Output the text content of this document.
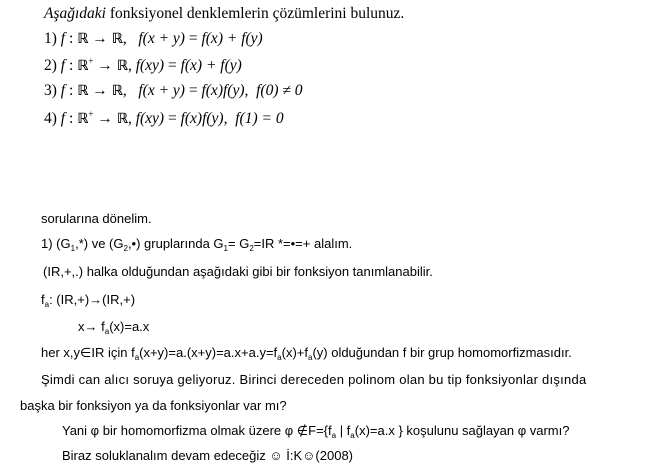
Aşağıdaki fonksiyonel denklemlerin çözümlerini bulunuz.
1) f : ℝ → ℝ,   f(x + y) = f(x) + f(y)
2) f : ℝ+ → ℝ, f(xy) = f(x) + f(y)
3) f : ℝ → ℝ,   f(x + y) = f(x)f(y), f(0) ≠ 0
4) f : ℝ+ → ℝ, f(xy) = f(x)f(y), f(1) = 0
sorularına dönelim.
1) $(G_1,*)$ ve $(G_2,•)$ gruplarında $G_1= G_2=IR$ *=•=+ alalım.
(IR,+,.) halka olduğundan aşağıdaki gibi bir fonksiyon tanımlanabilir.
$f_a$: (IR,+)→(IR,+)
$x\to f_a(x)=a.x$
her x,y∈IR için $f_a(x+y)=a.(x+y)=a.x+a.y=f_a(x)+f_a(y)$ olduğundan f bir grup homomorfizmasıdır.
Şimdi can alıcı soruya geliyoruz. Birinci dereceden polinom olan bu tip fonksiyonlar dışında
başka bir fonksiyon ya da fonksiyonlar var mı?
Yani φ bir homomorfizma olmak üzere φ $\notin F=\{f_a$ | $f_a(x)=a.x$ } koşulunu sağlayan φ varmı?
Biraz soluklanalım devam edeceğiz ☺ İ:K☺(2008)
